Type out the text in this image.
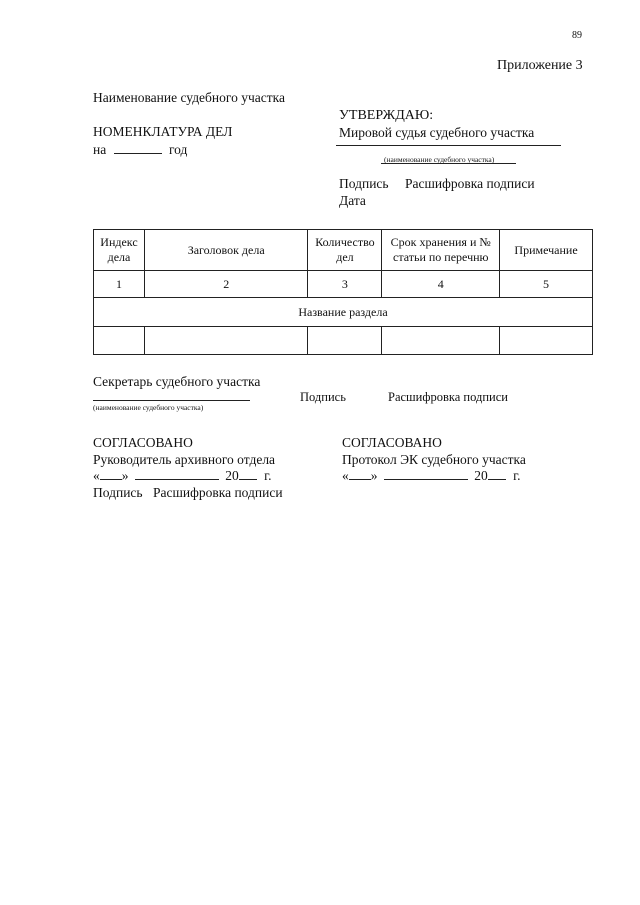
89
Приложение 3
Наименование судебного участка
НОМЕНКЛАТУРА ДЕЛ
на	год
УТВЕРЖДАЮ:
Мировой судья судебного участка
(наименование судебного участка)
Подпись Расшифровка подписи
Дата
Индекс дела	Заголовок дела	Количество дел	Срок хранения и № статьи по перечню	Примечание
1	2	3	4	5
Название раздела				

Секретарь судебного участка
(наименование судебного участка)
Подпись	Расшифровка подписи
СОГЛАСОВАНО
Руководитель архивного отдела
« »	20 г.
Подпись Расшифровка подписи
СОГЛАСОВАНО
Протокол ЭК судебного участка
« »	20 г.
